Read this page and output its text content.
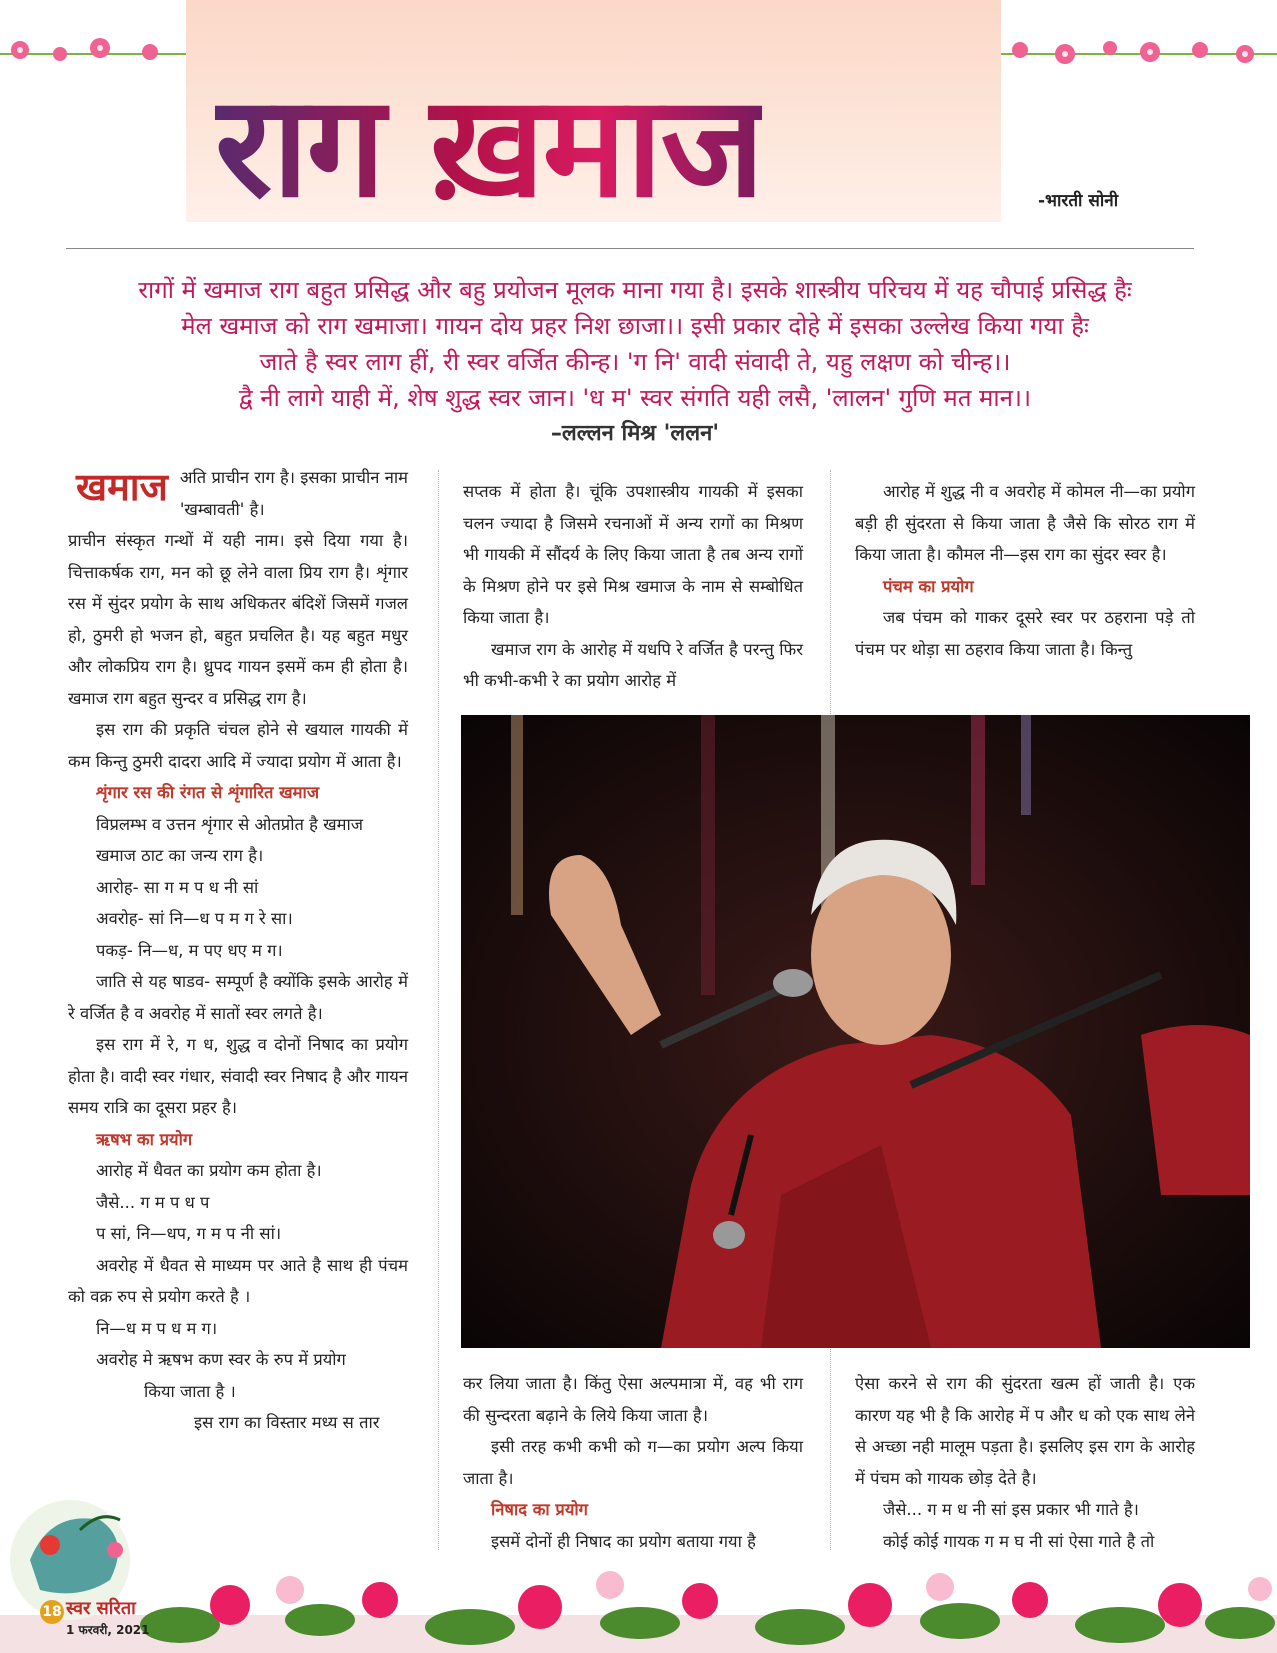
राग ख़माज	-भारती सोनी
रागों में खमाज राग बहुत प्रसिद्ध और बहु प्रयोजन मूलक माना गया है। इसके शास्त्रीय परिचय में यह चौपाई प्रसिद्ध हैः
मेल खमाज को राग खमाजा। गायन दोय प्रहर निश छाजा।। इसी प्रकार दोहे में इसका उल्लेख किया गया हैः
जाते है स्वर लाग हीं, री स्वर वर्जित कीन्ह। 'ग नि' वादी संवादी ते, यहु लक्षण को चीन्ह।।
द्वै नी लागे याही में, शेष शुद्ध स्वर जान। 'ध म' स्वर संगति यही लसै, 'लालन' गुणि मत मान।।
–लल्लन मिश्र 'ललन'

खमाज अति प्राचीन राग है। इसका प्राचीन नाम 'खम्बावती' है।

प्राचीन संस्कृत गन्थों में यही नाम। इसे दिया गया है। चित्ताकर्षक राग, मन को छू लेने वाला प्रिय राग है। शृंगार रस में सुंदर प्रयोग के साथ अधिकतर बंदिशें जिसमें गजल हो, ठुमरी हो भजन हो, बहुत प्रचलित है। यह बहुत मधुर और लोकप्रिय राग है। ध्रुपद गायन इसमें कम ही होता है। खमाज राग बहुत सुन्दर व प्रसिद्ध राग है।

इस राग की प्रकृति चंचल होने से खयाल गायकी में कम किन्तु ठुमरी दादरा आदि में ज्यादा प्रयोग में आता है।

शृंगार रस की रंगत से शृंगारित खमाज

विप्रलम्भ व उत्तन शृंगार से ओतप्रोत है खमाज

खमाज ठाट का जन्य राग है।

आरोह- सा ग म प ध नी सां

अवरोह- सां नि—ध प म ग रे सा।

पकड़- नि—ध, म पए धए म ग।

जाति से यह षाडव- सम्पूर्ण है क्योंकि इसके आरोह में रे वर्जित है व अवरोह में सातों स्वर लगते है।

इस राग में रे, ग ध, शुद्ध व दोनों निषाद का प्रयोग होता है। वादी स्वर गंधार, संवादी स्वर निषाद है और गायन समय रात्रि का दूसरा प्रहर है।

ऋषभ का प्रयोग

आरोह में धैवत का प्रयोग कम होता है।

जैसे... ग म प ध प

प सां, नि—धप, ग म प नी सां।

अवरोह में धैवत से माध्यम पर आते है साथ ही पंचम को वक्र रुप से प्रयोग करते है ।

नि—ध म प ध म ग।

अवरोह मे ऋषभ कण स्वर के रुप में प्रयोग

किया जाता है ।

इस राग का विस्तार मध्य स तार

सप्तक में होता है। चूंकि उपशास्त्रीय गायकी में इसका चलन ज्यादा है जिसमे रचनाओं में अन्य रागों का मिश्रण भी गायकी में सौंदर्य के लिए किया जाता है तब अन्य रागों के मिश्रण होने पर इसे मिश्र खमाज के नाम से सम्बोधित किया जाता है।

खमाज राग के आरोह में यधपि रे वर्जित है परन्तु फिर भी कभी-कभी रे का प्रयोग आरोह में

आरोह में शुद्ध नी व अवरोह में कोमल नी—का प्रयोग बड़ी ही सुंदरता से किया जाता है जैसे कि सोरठ राग में किया जाता है। कौमल नी—इस राग का सुंदर स्वर है।

पंचम का प्रयोग

जब पंचम को गाकर दूसरे स्वर पर ठहराना पड़े तो पंचम पर थोड़ा सा ठहराव किया जाता है। किन्तु

कर लिया जाता है। किंतु ऐसा अल्पमात्रा में, वह भी राग की सुन्दरता बढ़ाने के लिये किया जाता है।

इसी तरह कभी कभी को ग—का प्रयोग अल्प किया जाता है।

निषाद का प्रयोग

इसमें दोनों ही निषाद का प्रयोग बताया गया है

ऐसा करने से राग की सुंदरता खत्म हों जाती है। एक कारण यह भी है कि आरोह में प और ध को एक साथ लेने से अच्छा नही मालूम पड़ता है। इसलिए इस राग के आरोह में पंचम को गायक छोड़ देते है।

जैसे... ग म ध नी सां इस प्रकार भी गाते है।

कोई कोई गायक ग म घ नी सां ऐसा गाते है तो

18 स्वर सरिता
1 फरवरी, 2021
